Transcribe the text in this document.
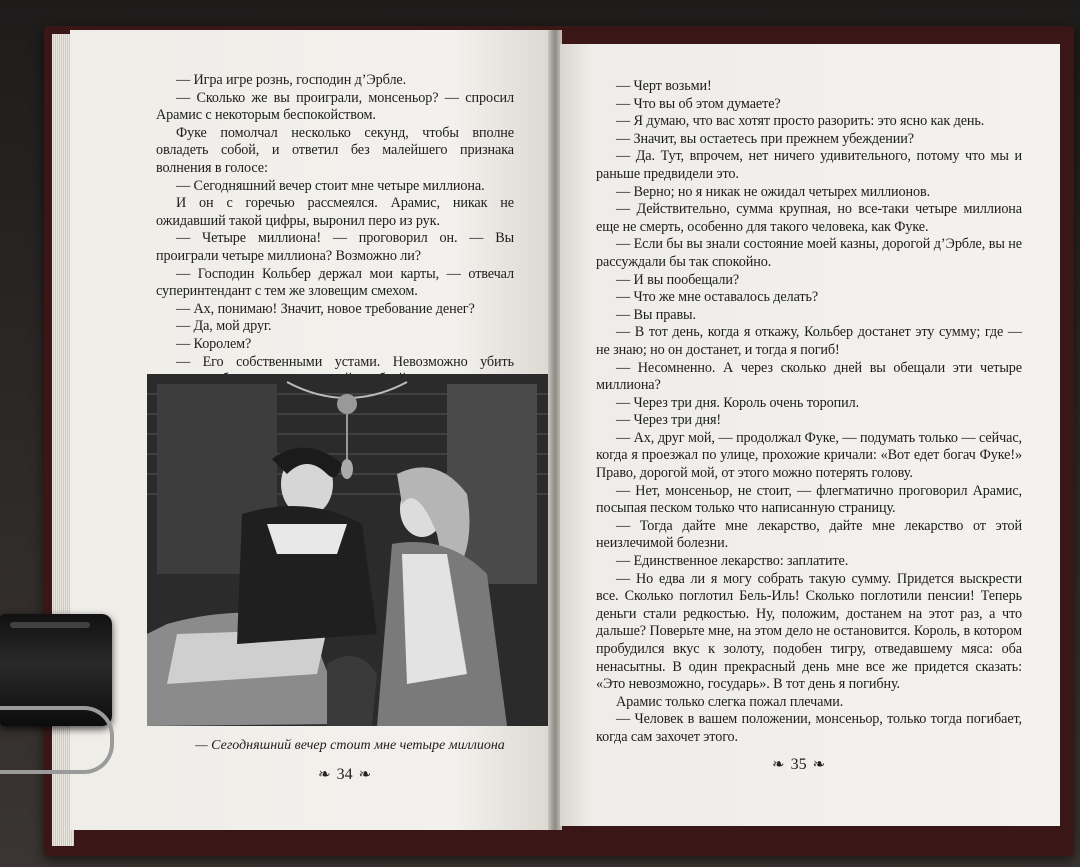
— Игра игре рознь, господин д’Эрбле.

— Сколько же вы проиграли, монсеньор? — спросил Арамис с некоторым беспокойством.

Фуке помолчал несколько секунд, чтобы вполне овладеть собой, и ответил без малейшего признака волнения в голосе:

— Сегодняшний вечер стоит мне четыре миллиона.

И он с горечью рассмеялся. Арамис, никак не ожидавший такой цифры, выронил перо из рук.

— Четыре миллиона! — проговорил он. — Вы проиграли четыре миллиона? Возможно ли?

— Господин Кольбер держал мои карты, — отвечал суперинтендант с тем же зловещим смехом.

— Ах, понимаю! Значит, новое требование денег?

— Да, мой друг.

— Королем?

— Его собственными устами. Невозможно убить

— Сегодняшний вечер стоит мне четыре миллиона
❧ 34 ❧

— Черт возьми!

— Что вы об этом думаете?

— Я думаю, что вас хотят просто разорить: это ясно как день.

— Значит, вы остаетесь при прежнем убеждении?

— Да. Тут, впрочем, нет ничего удивительного, потому что мы и раньше предвидели это.

— Верно; но я никак не ожидал четырех миллионов.

— Действительно, сумма крупная, но все-таки четыре миллиона еще не смерть, особенно для такого человека, как Фуке.

— Если бы вы знали состояние моей казны, дорогой д’Эрбле, вы не рассуждали бы так спокойно.

— И вы пообещали?

— Что же мне оставалось делать?

— Вы правы.

— В тот день, когда я откажу, Кольбер достанет эту сумму; где — не знаю; но он достанет, и тогда я погиб!

— Несомненно. А через сколько дней вы обещали эти четыре миллиона?

— Через три дня. Король очень торопил.

— Через три дня!

— Ах, друг мой, — продолжал Фуке, — подумать только — сейчас, когда я проезжал по улице, прохожие кричали: «Вот едет богач Фуке!» Право, дорогой мой, от этого можно потерять голову.

— Нет, монсеньор, не стоит, — флегматично проговорил Арамис, посыпая песком только что написанную страницу.

— Тогда дайте мне лекарство, дайте мне лекарство от этой неизлечимой болезни.

— Единственное лекарство: заплатите.

— Но едва ли я могу собрать такую сумму. Придется выскрести все. Сколько поглотил Бель-Иль! Сколько поглотили пенсии! Теперь деньги стали редкостью. Ну, положим, достанем на этот раз, а что дальше? Поверьте мне, на этом дело не остановится. Король, в котором пробудился вкус к золоту, подобен тигру, отведавшему мяса: оба ненасытны. В один прекрасный день мне все же придется сказать: «Это невозможно, государь». В тот день я погибну.

Арамис только слегка пожал плечами.

— Человек в вашем положении, монсеньор, только тогда погибает, когда сам захочет этого.

❧ 35 ❧
